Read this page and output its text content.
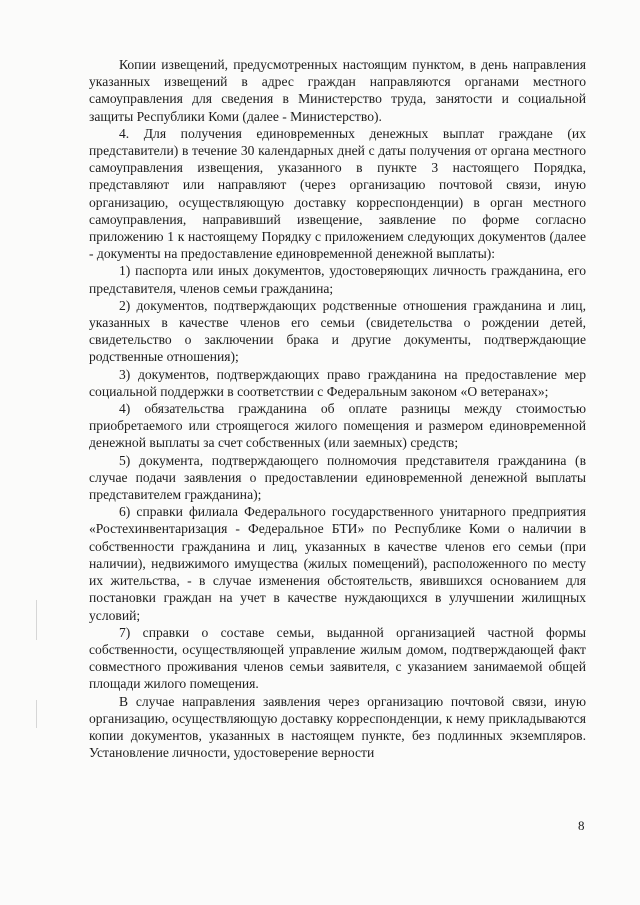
Копии извещений, предусмотренных настоящим пунктом, в день направления указанных извещений в адрес граждан направляются органами местного самоуправления для сведения в Министерство труда, занятости и социальной защиты Республики Коми (далее - Министерство).

4. Для получения единовременных денежных выплат граждане (их представители) в течение 30 календарных дней с даты получения от органа местного самоуправления извещения, указанного в пункте 3 настоящего Порядка, представляют или направляют (через организацию почтовой связи, иную организацию, осуществляющую доставку корреспонденции) в орган местного самоуправления, направивший извещение, заявление по форме согласно приложению 1 к настоящему Порядку с приложением следующих документов (далее - документы на предоставление единовременной денежной выплаты):

1) паспорта или иных документов, удостоверяющих личность гражданина, его представителя, членов семьи гражданина;

2) документов, подтверждающих родственные отношения гражданина и лиц, указанных в качестве членов его семьи (свидетельства о рождении детей, свидетельство о заключении брака и другие документы, подтверждающие родственные отношения);

3) документов, подтверждающих право гражданина на предоставление мер социальной поддержки в соответствии с Федеральным законом «О ветеранах»;

4) обязательства гражданина об оплате разницы между стоимостью приобретаемого или строящегося жилого помещения и размером единовременной денежной выплаты за счет собственных (или заемных) средств;

5) документа, подтверждающего полномочия представителя гражданина (в случае подачи заявления о предоставлении единовременной денежной выплаты представителем гражданина);

6) справки филиала Федерального государственного унитарного предприятия «Ростехинвентаризация - Федеральное БТИ» по Республике Коми о наличии в собственности гражданина и лиц, указанных в качестве членов его семьи (при наличии), недвижимого имущества (жилых помещений), расположенного по месту их жительства, - в случае изменения обстоятельств, явившихся основанием для постановки граждан на учет в качестве нуждающихся в улучшении жилищных условий;

7) справки о составе семьи, выданной организацией частной формы собственности, осуществляющей управление жилым домом, подтверждающей факт совместного проживания членов семьи заявителя, с указанием занимаемой общей площади жилого помещения.

В случае направления заявления через организацию почтовой связи, иную организацию, осуществляющую доставку корреспонденции, к нему прикладываются копии документов, указанных в настоящем пункте, без подлинных экземпляров. Установление личности, удостоверение верности

8
